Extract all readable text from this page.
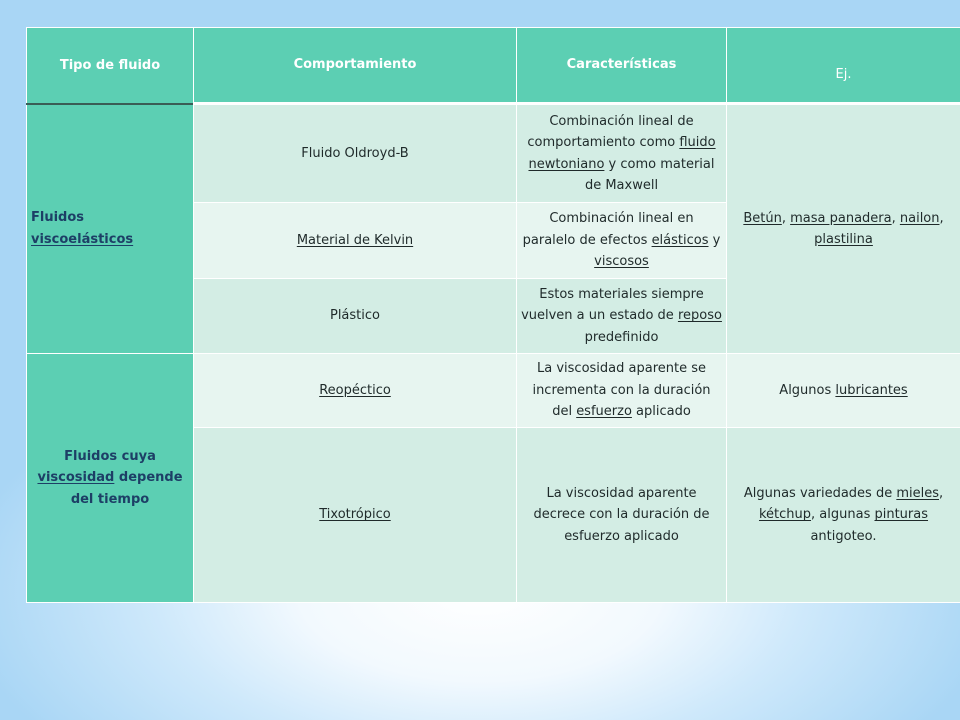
Tipo de fluido	Comportamiento	Características	Ej.
Fluidos viscoelásticos	Fluido Oldroyd-B	Combinación lineal de comportamiento como fluido newtoniano y como material de Maxwell	Betún, masa panadera, nailon, plastilina
	Material de Kelvin	Combinación lineal en paralelo de efectos elásticos y viscosos	
	Plástico	Estos materiales siempre vuelven a un estado de reposo predefinido	
Fluidos cuya viscosidad depende del tiempo	Reopéctico	La viscosidad aparente se incrementa con la duración del esfuerzo aplicado	Algunos lubricantes
	Tixotrópico	La viscosidad aparente decrece con la duración de esfuerzo aplicado	Algunas variedades de mieles, kétchup, algunas pinturas antigoteo.
